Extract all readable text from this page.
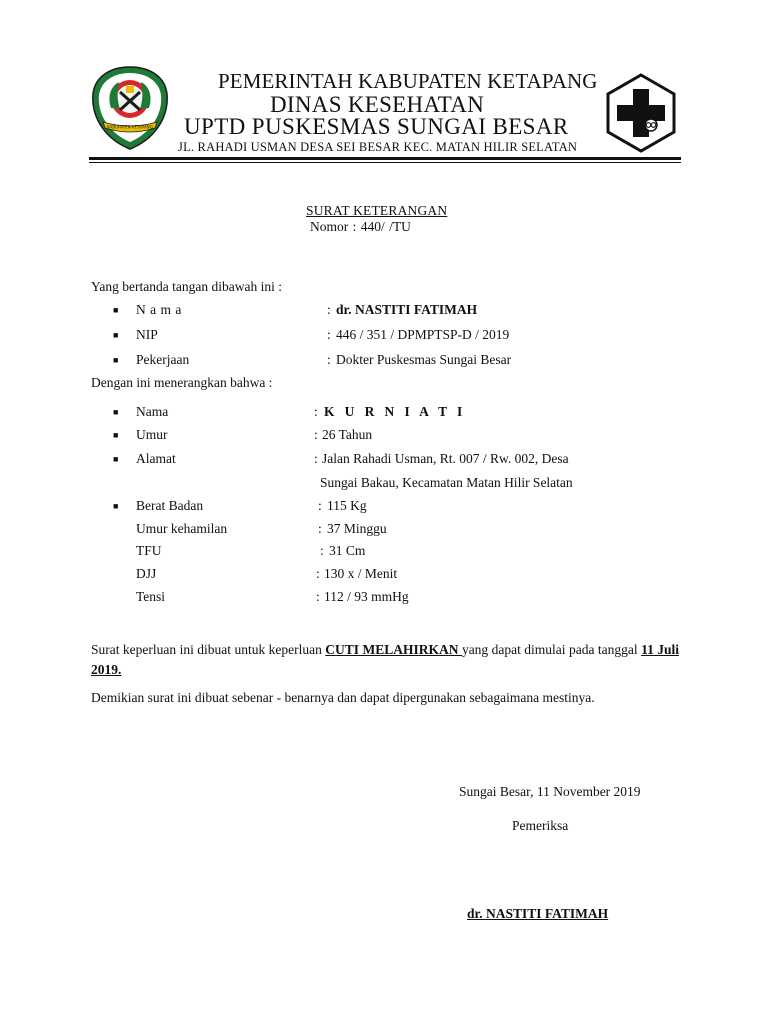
KABUPATEN KETAPANG
PEMERINTAH KABUPATEN KETAPANG
DINAS KESEHATAN
UPTD PUSKESMAS SUNGAI BESAR
JL. RAHADI USMAN DESA SEI BESAR KEC. MATAN HILIR SELATAN
SURAT KETERANGAN
Nomor : 440/ /TU
Yang bertanda tangan dibawah ini :
■ N a m a	: dr. NASTITI FATIMAH
■ NIP	: 446 / 351 / DPMPTSP-D / 2019
■ Pekerjaan	: Dokter Puskesmas Sungai Besar
Dengan ini menerangkan bahwa :
■ Nama	: K U R N I A T I
■ Umur	: 26 Tahun
■ Alamat	: Jalan Rahadi Usman, Rt. 007 / Rw. 002, Desa
Sungai Bakau, Kecamatan Matan Hilir Selatan
■ Berat Badan	: 115 Kg
Umur kehamilan	: 37 Minggu
TFU	: 31 Cm
DJJ	: 130 x / Menit
Tensi	: 112 / 93 mmHg
Surat keperluan ini dibuat untuk keperluan CUTI MELAHIRKAN yang dapat dimulai pada tanggal 11 Juli 2019.
Demikian surat ini dibuat sebenar - benarnya dan dapat dipergunakan sebagaimana mestinya.
Sungai Besar, 11 November 2019
Pemeriksa
dr. NASTITI FATIMAH
